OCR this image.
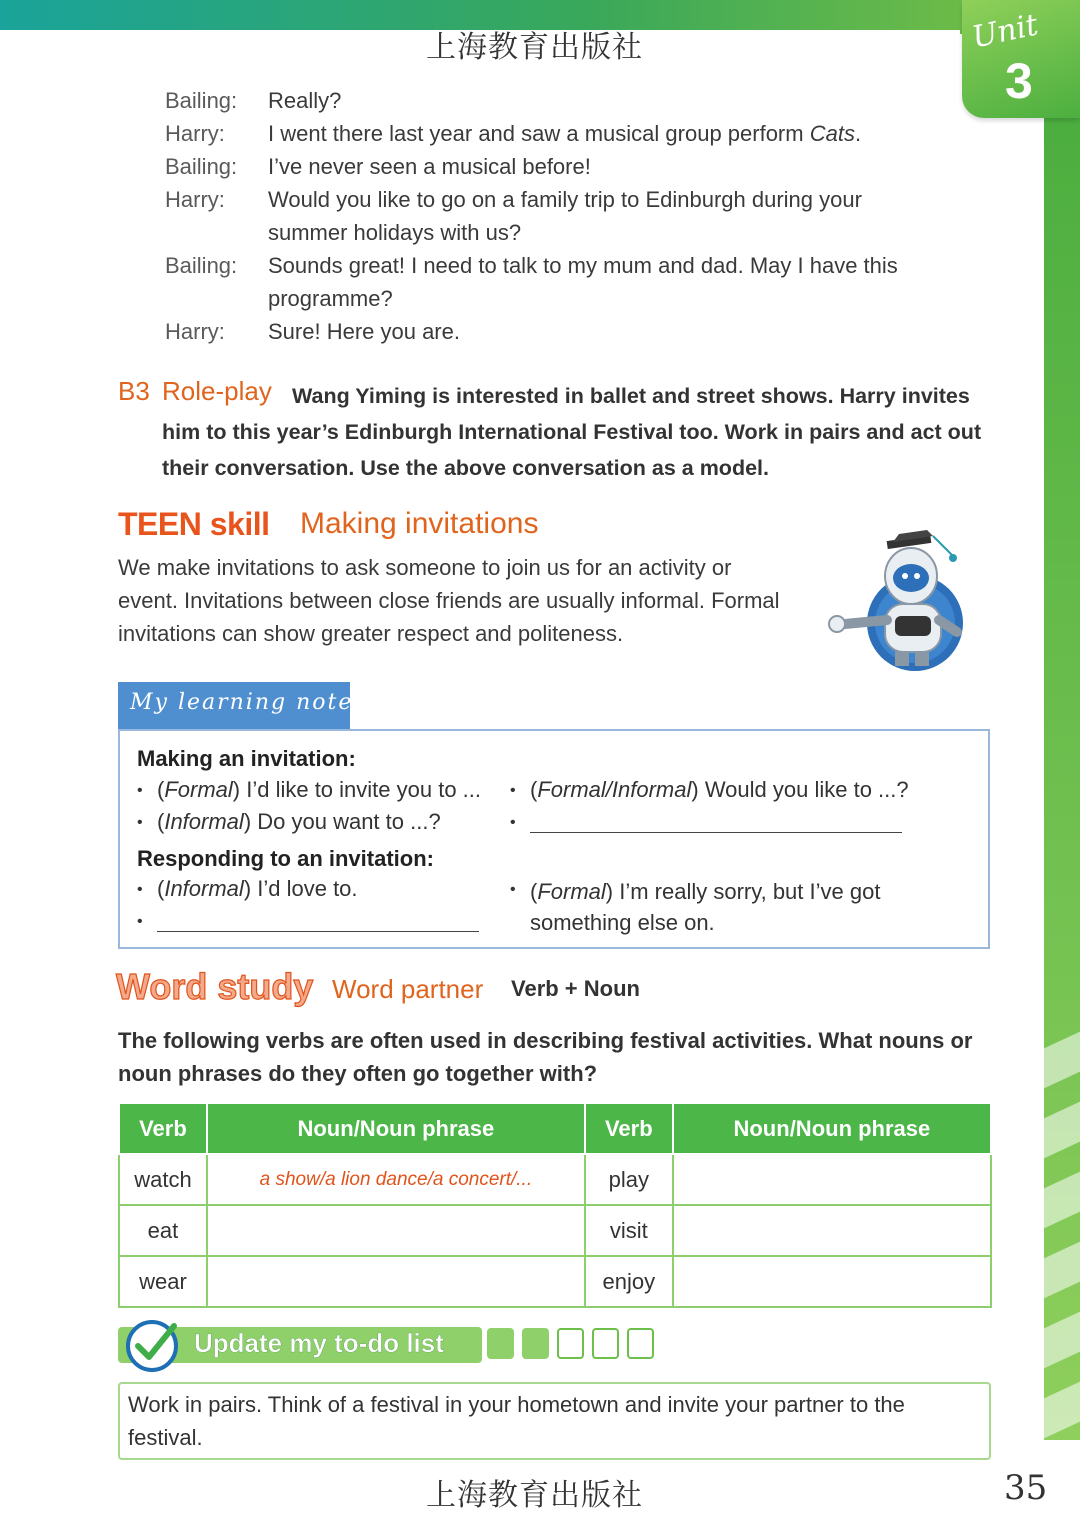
上海教育出版社	Unit
3
Bailing: Really?
Harry: I went there last year and saw a musical group perform Cats.
Bailing: I’ve never seen a musical before!
Harry: Would you like to go on a family trip to Edinburgh during your summer holidays with us?
Bailing: Sounds great! I need to talk to my mum and dad. May I have this programme?
Harry: Sure! Here you are.
B3 Role-play Wang Yiming is interested in ballet and street shows. Harry invites him to this year’s Edinburgh International Festival too. Work in pairs and act out their conversation. Use the above conversation as a model.
TEEN skill Making invitations
We make invitations to ask someone to join us for an activity or event. Invitations between close friends are usually informal. Formal invitations can show greater respect and politeness.
My learning notes
Making an invitation:
• (Formal) I’d like to invite you to ...
• (Informal) Do you want to ...?
• (Formal/Informal) Would you like to ...?
•
Responding to an invitation:
• (Informal) I’d love to.
•
• (Formal) I’m really sorry, but I’ve got something else on.
Word study Word partner Verb + Noun
The following verbs are often used in describing festival activities. What nouns or noun phrases do they often go together with?
Verb	Noun/Noun phrase	Verb	Noun/Noun phrase
watch	a show/a lion dance/a concert/...	play	
eat		visit	
wear		enjoy	
Update my to-do list
Work in pairs. Think of a festival in your hometown and invite your partner to the festival.
上海教育出版社	35
